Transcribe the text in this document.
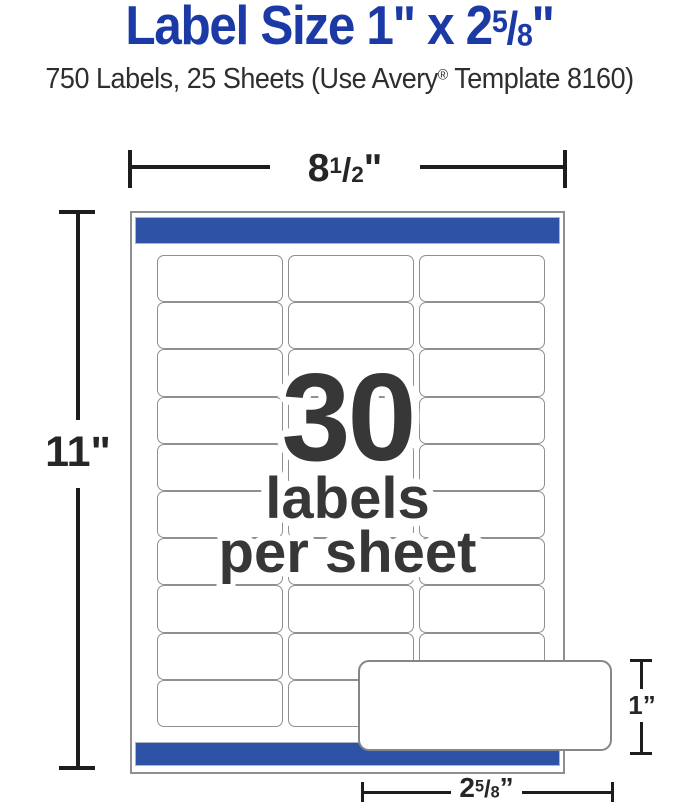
Label Size 1" x $2^5/_8$"
750 Labels, 25 Sheets (Use Avery® Template 8160)
$8^1/_2$"
11"	30
labels
per sheet
1”
$2^5/_8$”
